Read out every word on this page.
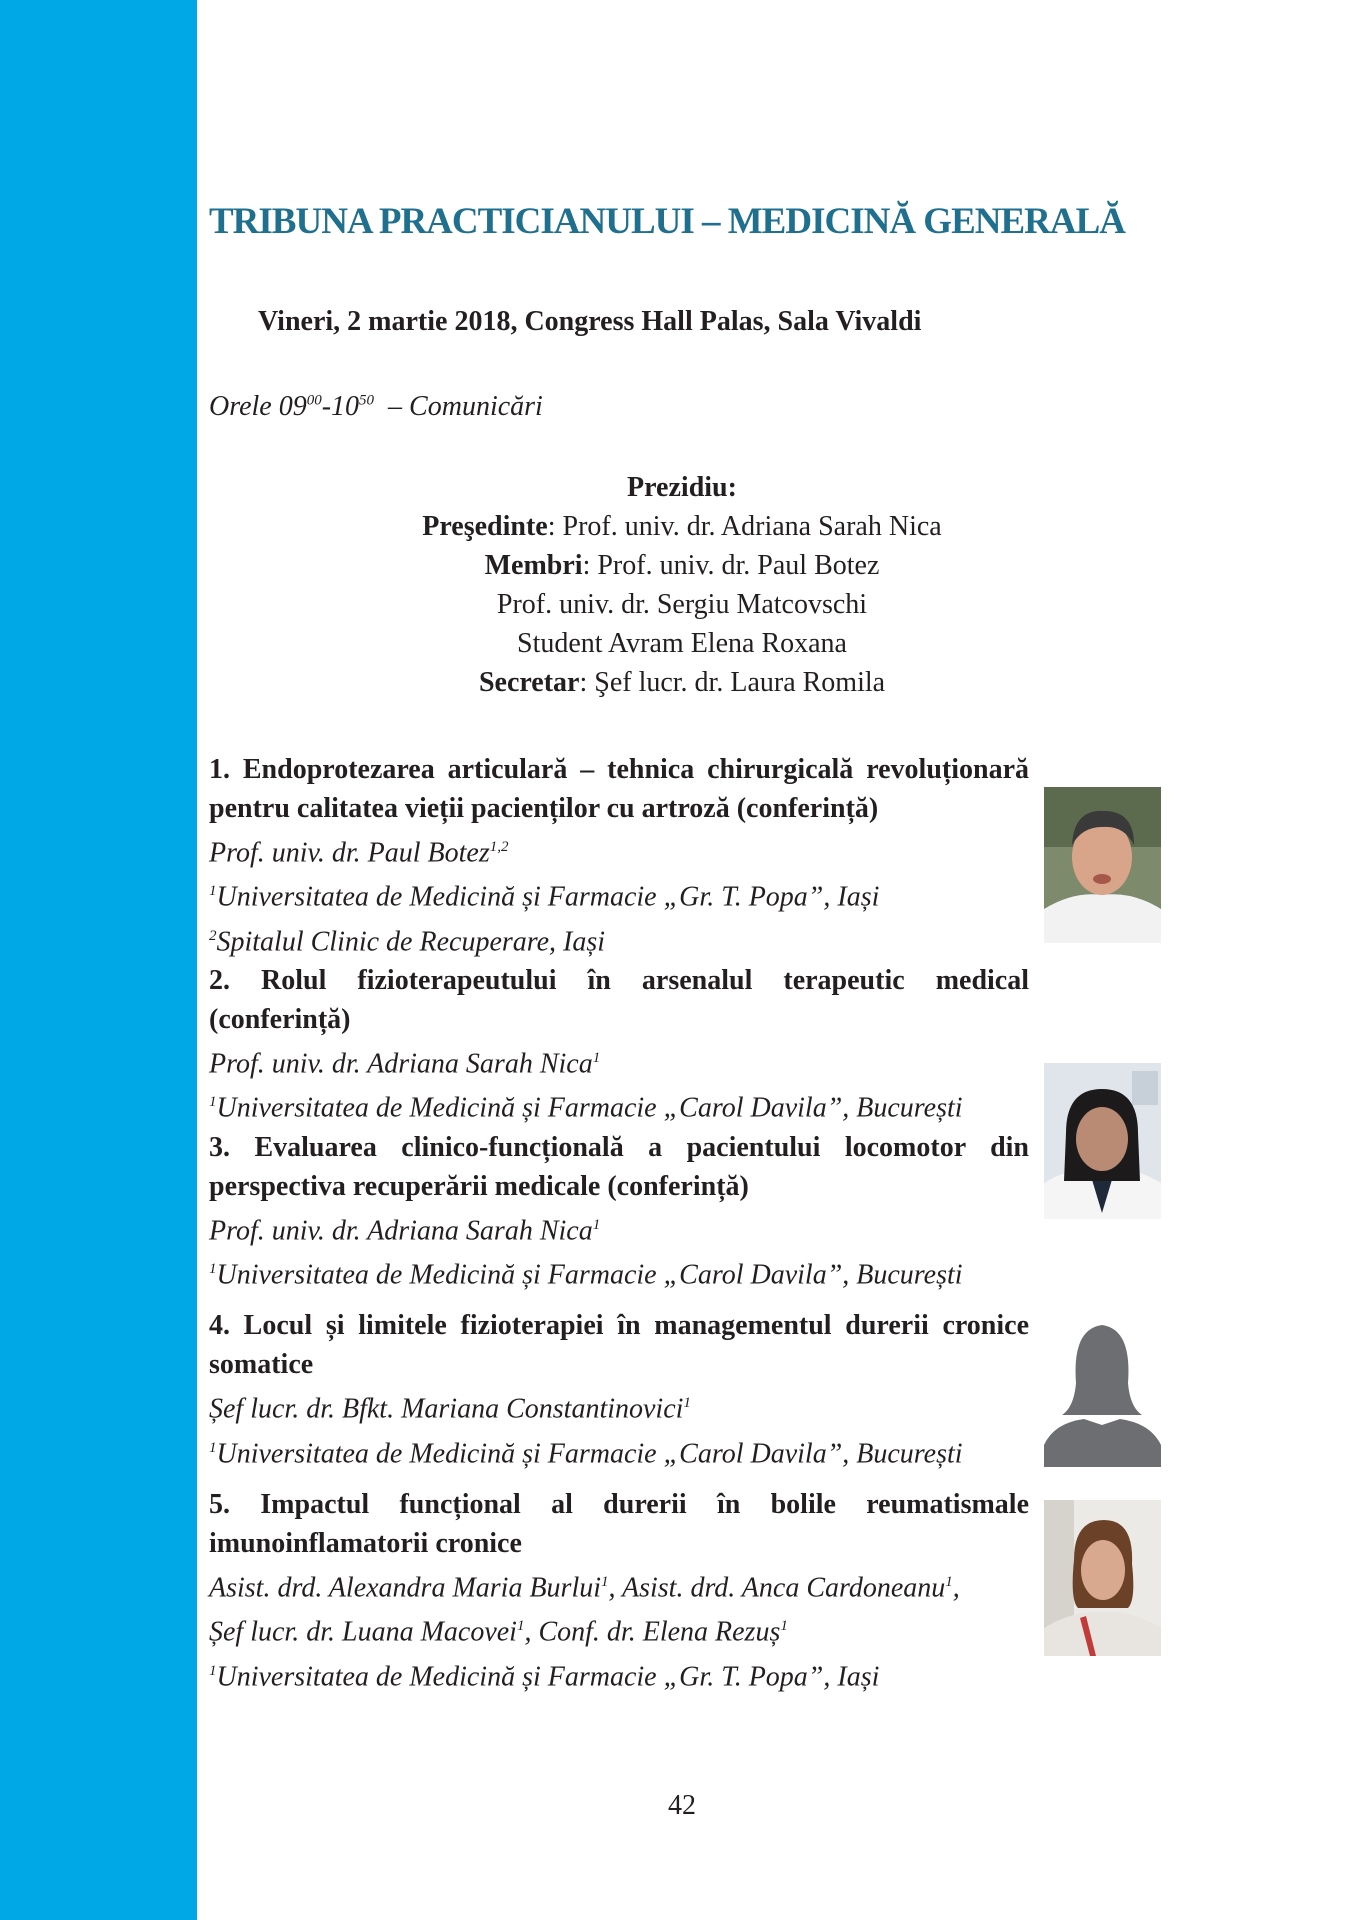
TRIBUNA PRACTICIANULUI – MEDICINĂ GENERALĂ
Vineri, 2 martie 2018, Congress Hall Palas, Sala Vivaldi
Orele $09^{00}-10^{50}$  – Comunicări
Prezidiu:
Preşedinte: Prof. univ. dr. Adriana Sarah Nica
Membri: Prof. univ. dr. Paul Botez
Prof. univ. dr. Sergiu Matcovschi
Student Avram Elena Roxana
Secretar: Şef lucr. dr. Laura Romila
1. Endoprotezarea articulară – tehnica chirurgicală revoluționară pentru calitatea vieții pacienților cu artroză (conferință)
Prof. univ. dr. Paul Botez$^{1,2}$
$^1$Universitatea de Medicină și Farmacie „Gr. T. Popa”, Iași
$^2$Spitalul Clinic de Recuperare, Iași
2. Rolul fizioterapeutului în arsenalul terapeutic medical (conferință)
Prof. univ. dr. Adriana Sarah Nica$^1$
$^1$Universitatea de Medicină și Farmacie „Carol Davila”, București
3. Evaluarea clinico-funcțională a pacientului locomotor din perspectiva recuperării medicale (conferință)
Prof. univ. dr. Adriana Sarah Nica$^1$
$^1$Universitatea de Medicină și Farmacie „Carol Davila”, București
4. Locul și limitele fizioterapiei în managementul durerii cronice somatice
Șef lucr. dr. Bfkt. Mariana Constantinovici$^1$
$^1$Universitatea de Medicină și Farmacie „Carol Davila”, București
5. Impactul funcțional al durerii în bolile reumatismale imunoinflamatorii cronice
Asist. drd. Alexandra Maria Burlui$^1$, Asist. drd. Anca Cardoneanu$^1$,
Șef lucr. dr. Luana Macovei$^1$, Conf. dr. Elena Rezuș$^1$
$^1$Universitatea de Medicină și Farmacie „Gr. T. Popa”, Iași
42
